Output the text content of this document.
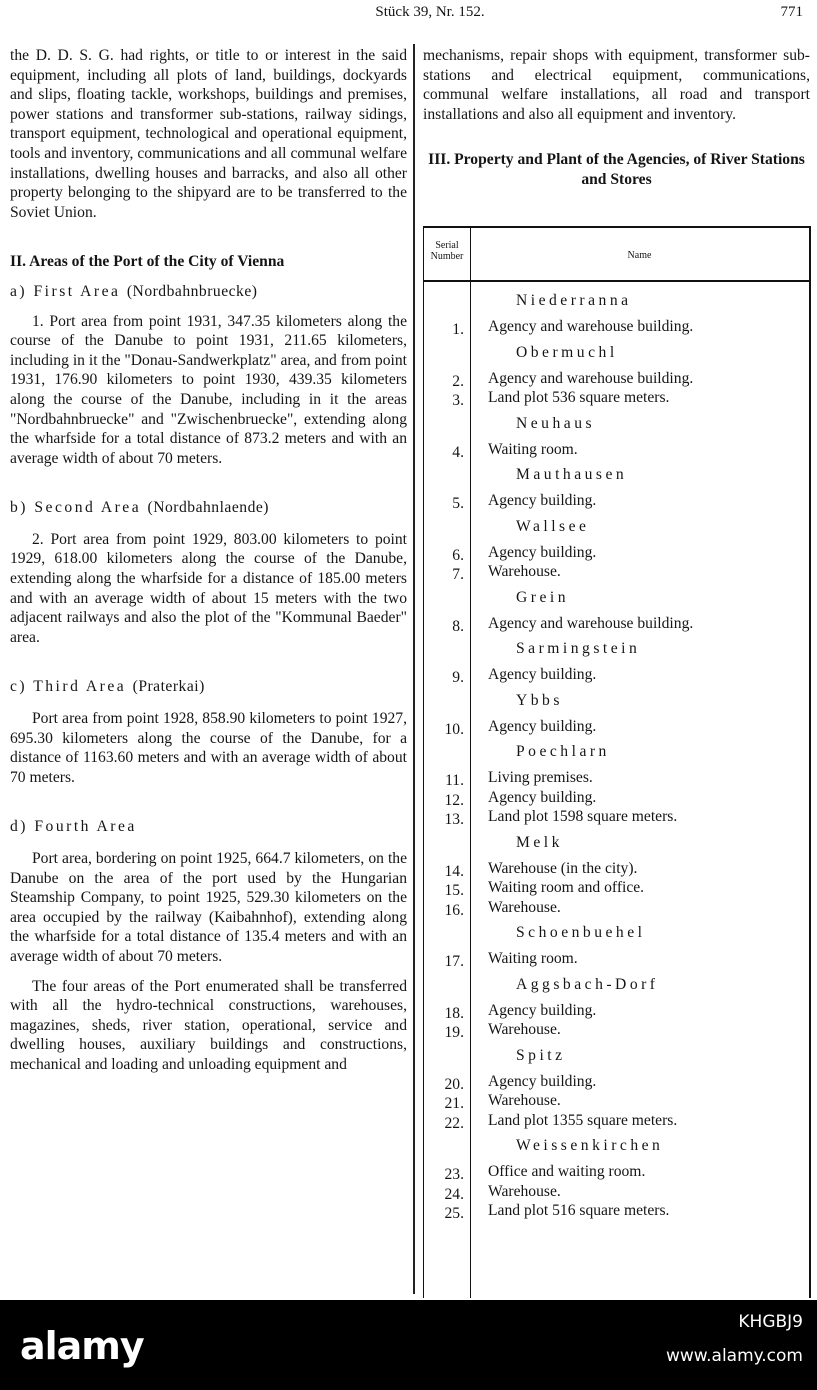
Stück 39, Nr. 152.	771

the D. D. S. G. had rights, or title to or interest in the said equipment, including all plots of land, buildings, dockyards and slips, floating tackle, workshops, buildings and premises, power stations and transformer sub-stations, railway sidings, transport equipment, technological and operational equipment, tools and inventory, communications and all communal welfare installations, dwelling houses and barracks, and also all other property belonging to the shipyard are to be transferred to the Soviet Union.

II. Areas of the Port of the City of Vienna

a) First Area (Nordbahnbruecke)

1. Port area from point 1931, 347.35 kilometers along the course of the Danube to point 1931, 211.65 kilometers, including in it the "Donau-Sandwerkplatz" area, and from point 1931, 176.90 kilometers to point 1930, 439.35 kilometers along the course of the Danube, including in it the areas "Nordbahnbruecke" and "Zwischenbruecke", extending along the wharfside for a total distance of 873.2 meters and with an average width of about 70 meters.

b) Second Area (Nordbahnlaende)

2. Port area from point 1929, 803.00 kilometers to point 1929, 618.00 kilometers along the course of the Danube, extending along the wharfside for a distance of 185.00 meters and with an average width of about 15 meters with the two adjacent railways and also the plot of the "Kommunal Baeder" area.

c) Third Area (Praterkai)

Port area from point 1928, 858.90 kilometers to point 1927, 695.30 kilometers along the course of the Danube, for a distance of 1163.60 meters and with an average width of about 70 meters.

d) Fourth Area

Port area, bordering on point 1925, 664.7 kilometers, on the Danube on the area of the port used by the Hungarian Steamship Company, to point 1925, 529.30 kilometers on the area occupied by the railway (Kaibahnhof), extending along the wharfside for a total distance of 135.4 meters and with an average width of about 70 meters.

The four areas of the Port enumerated shall be transferred with all the hydro-technical constructions, warehouses, magazines, sheds, river station, operational, service and dwelling houses, auxiliary buildings and constructions, mechanical and loading and unloading equipment and

mechanisms, repair shops with equipment, transformer sub-stations and electrical equipment, communications, communal welfare installations, all road and transport installations and also all equipment and inventory.

III. Property and Plant of the Agencies, of River Stations and Stores
Serial Number	Name
Niederranna
1. Agency and warehouse building.
Obermuchl
2. Agency and warehouse building.
3. Land plot 536 square meters.
Neuhaus
4. Waiting room.
Mauthausen
5. Agency building.
Wallsee
6. Agency building.
7. Warehouse.
Grein
8. Agency and warehouse building.
Sarmingstein
9. Agency building.
Ybbs
10. Agency building.
Poechlarn
11. Living premises.
12. Agency building.
13. Land plot 1598 square meters.
Melk
14. Warehouse (in the city).
15. Waiting room and office.
16. Warehouse.
Schoenbuehel
17. Waiting room.
Aggsbach-Dorf
18. Agency building.
19. Warehouse.
Spitz
20. Agency building.
21. Warehouse.
22. Land plot 1355 square meters.
Weissenkirchen
23. Office and waiting room.
24. Warehouse.
25. Land plot 516 square meters.
alamy
KHGBJ9
www.alamy.com
